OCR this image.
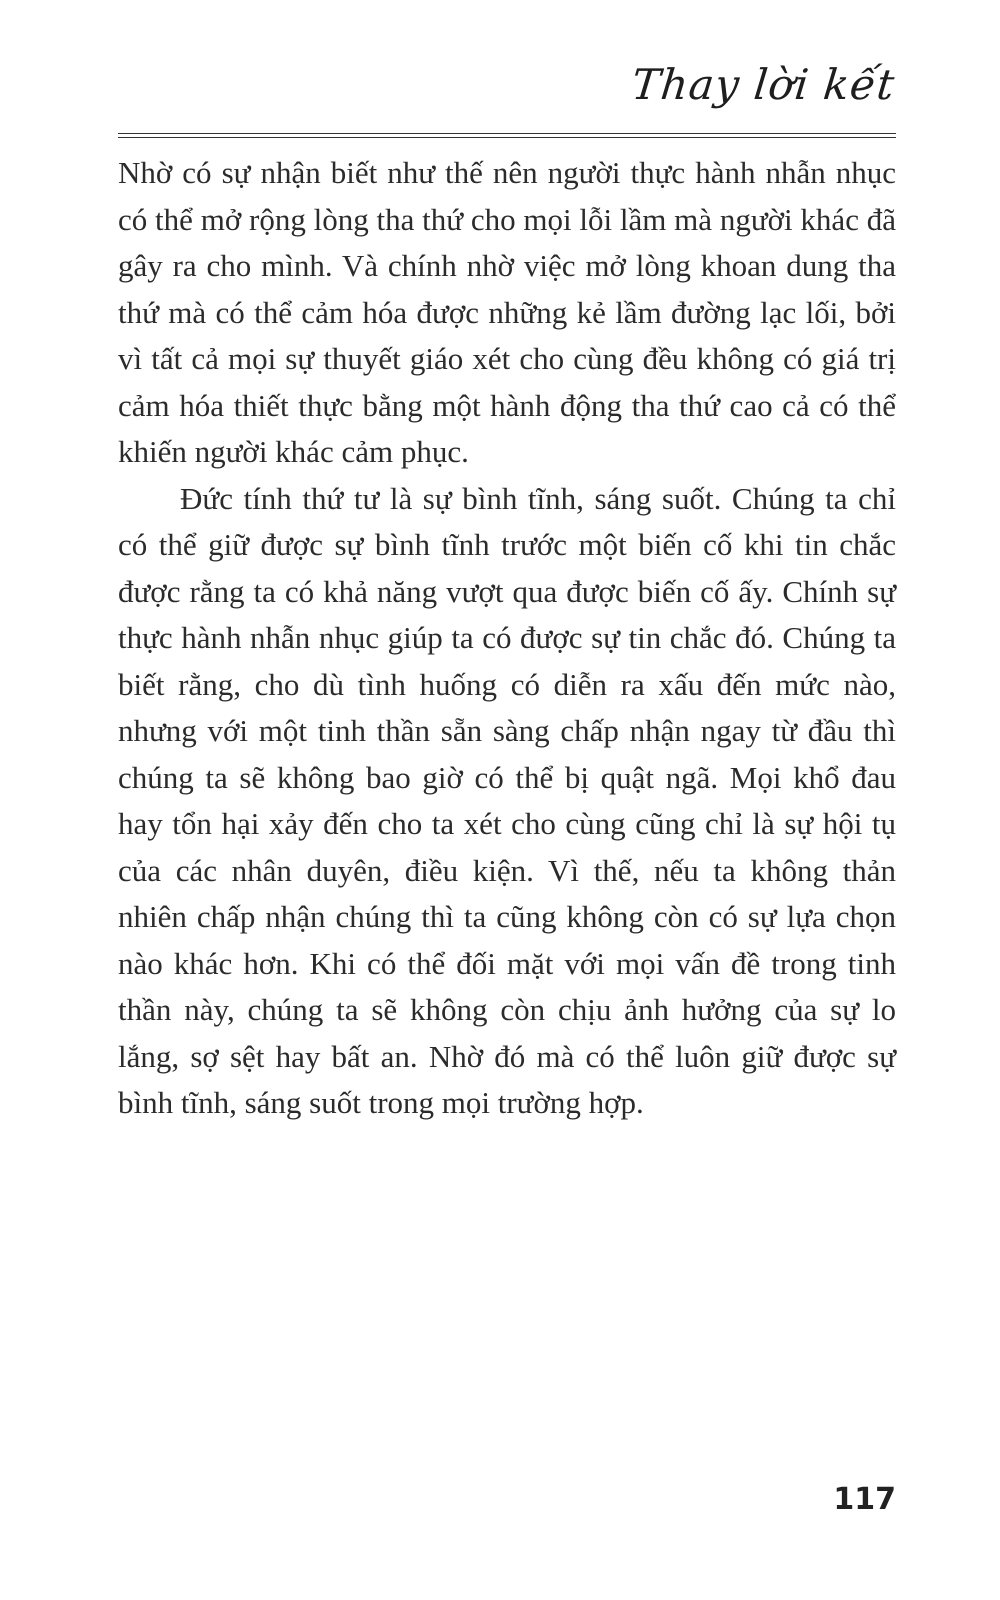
Thay lời kết

Nhờ có sự nhận biết như thế nên người thực hành nhẫn nhục có thể mở rộng lòng tha thứ cho mọi lỗi lầm mà người khác đã gây ra cho mình. Và chính nhờ việc mở lòng khoan dung tha thứ mà có thể cảm hóa được những kẻ lầm đường lạc lối, bởi vì tất cả mọi sự thuyết giáo xét cho cùng đều không có giá trị cảm hóa thiết thực bằng một hành động tha thứ cao cả có thể khiến người khác cảm phục.

Đức tính thứ tư là sự bình tĩnh, sáng suốt. Chúng ta chỉ có thể giữ được sự bình tĩnh trước một biến cố khi tin chắc được rằng ta có khả năng vượt qua được biến cố ấy. Chính sự thực hành nhẫn nhục giúp ta có được sự tin chắc đó. Chúng ta biết rằng, cho dù tình huống có diễn ra xấu đến mức nào, nhưng với một tinh thần sẵn sàng chấp nhận ngay từ đầu thì chúng ta sẽ không bao giờ có thể bị quật ngã. Mọi khổ đau hay tổn hại xảy đến cho ta xét cho cùng cũng chỉ là sự hội tụ của các nhân duyên, điều kiện. Vì thế, nếu ta không thản nhiên chấp nhận chúng thì ta cũng không còn có sự lựa chọn nào khác hơn. Khi có thể đối mặt với mọi vấn đề trong tinh thần này, chúng ta sẽ không còn chịu ảnh hưởng của sự lo lắng, sợ sệt hay bất an. Nhờ đó mà có thể luôn giữ được sự bình tĩnh, sáng suốt trong mọi trường hợp.

117
